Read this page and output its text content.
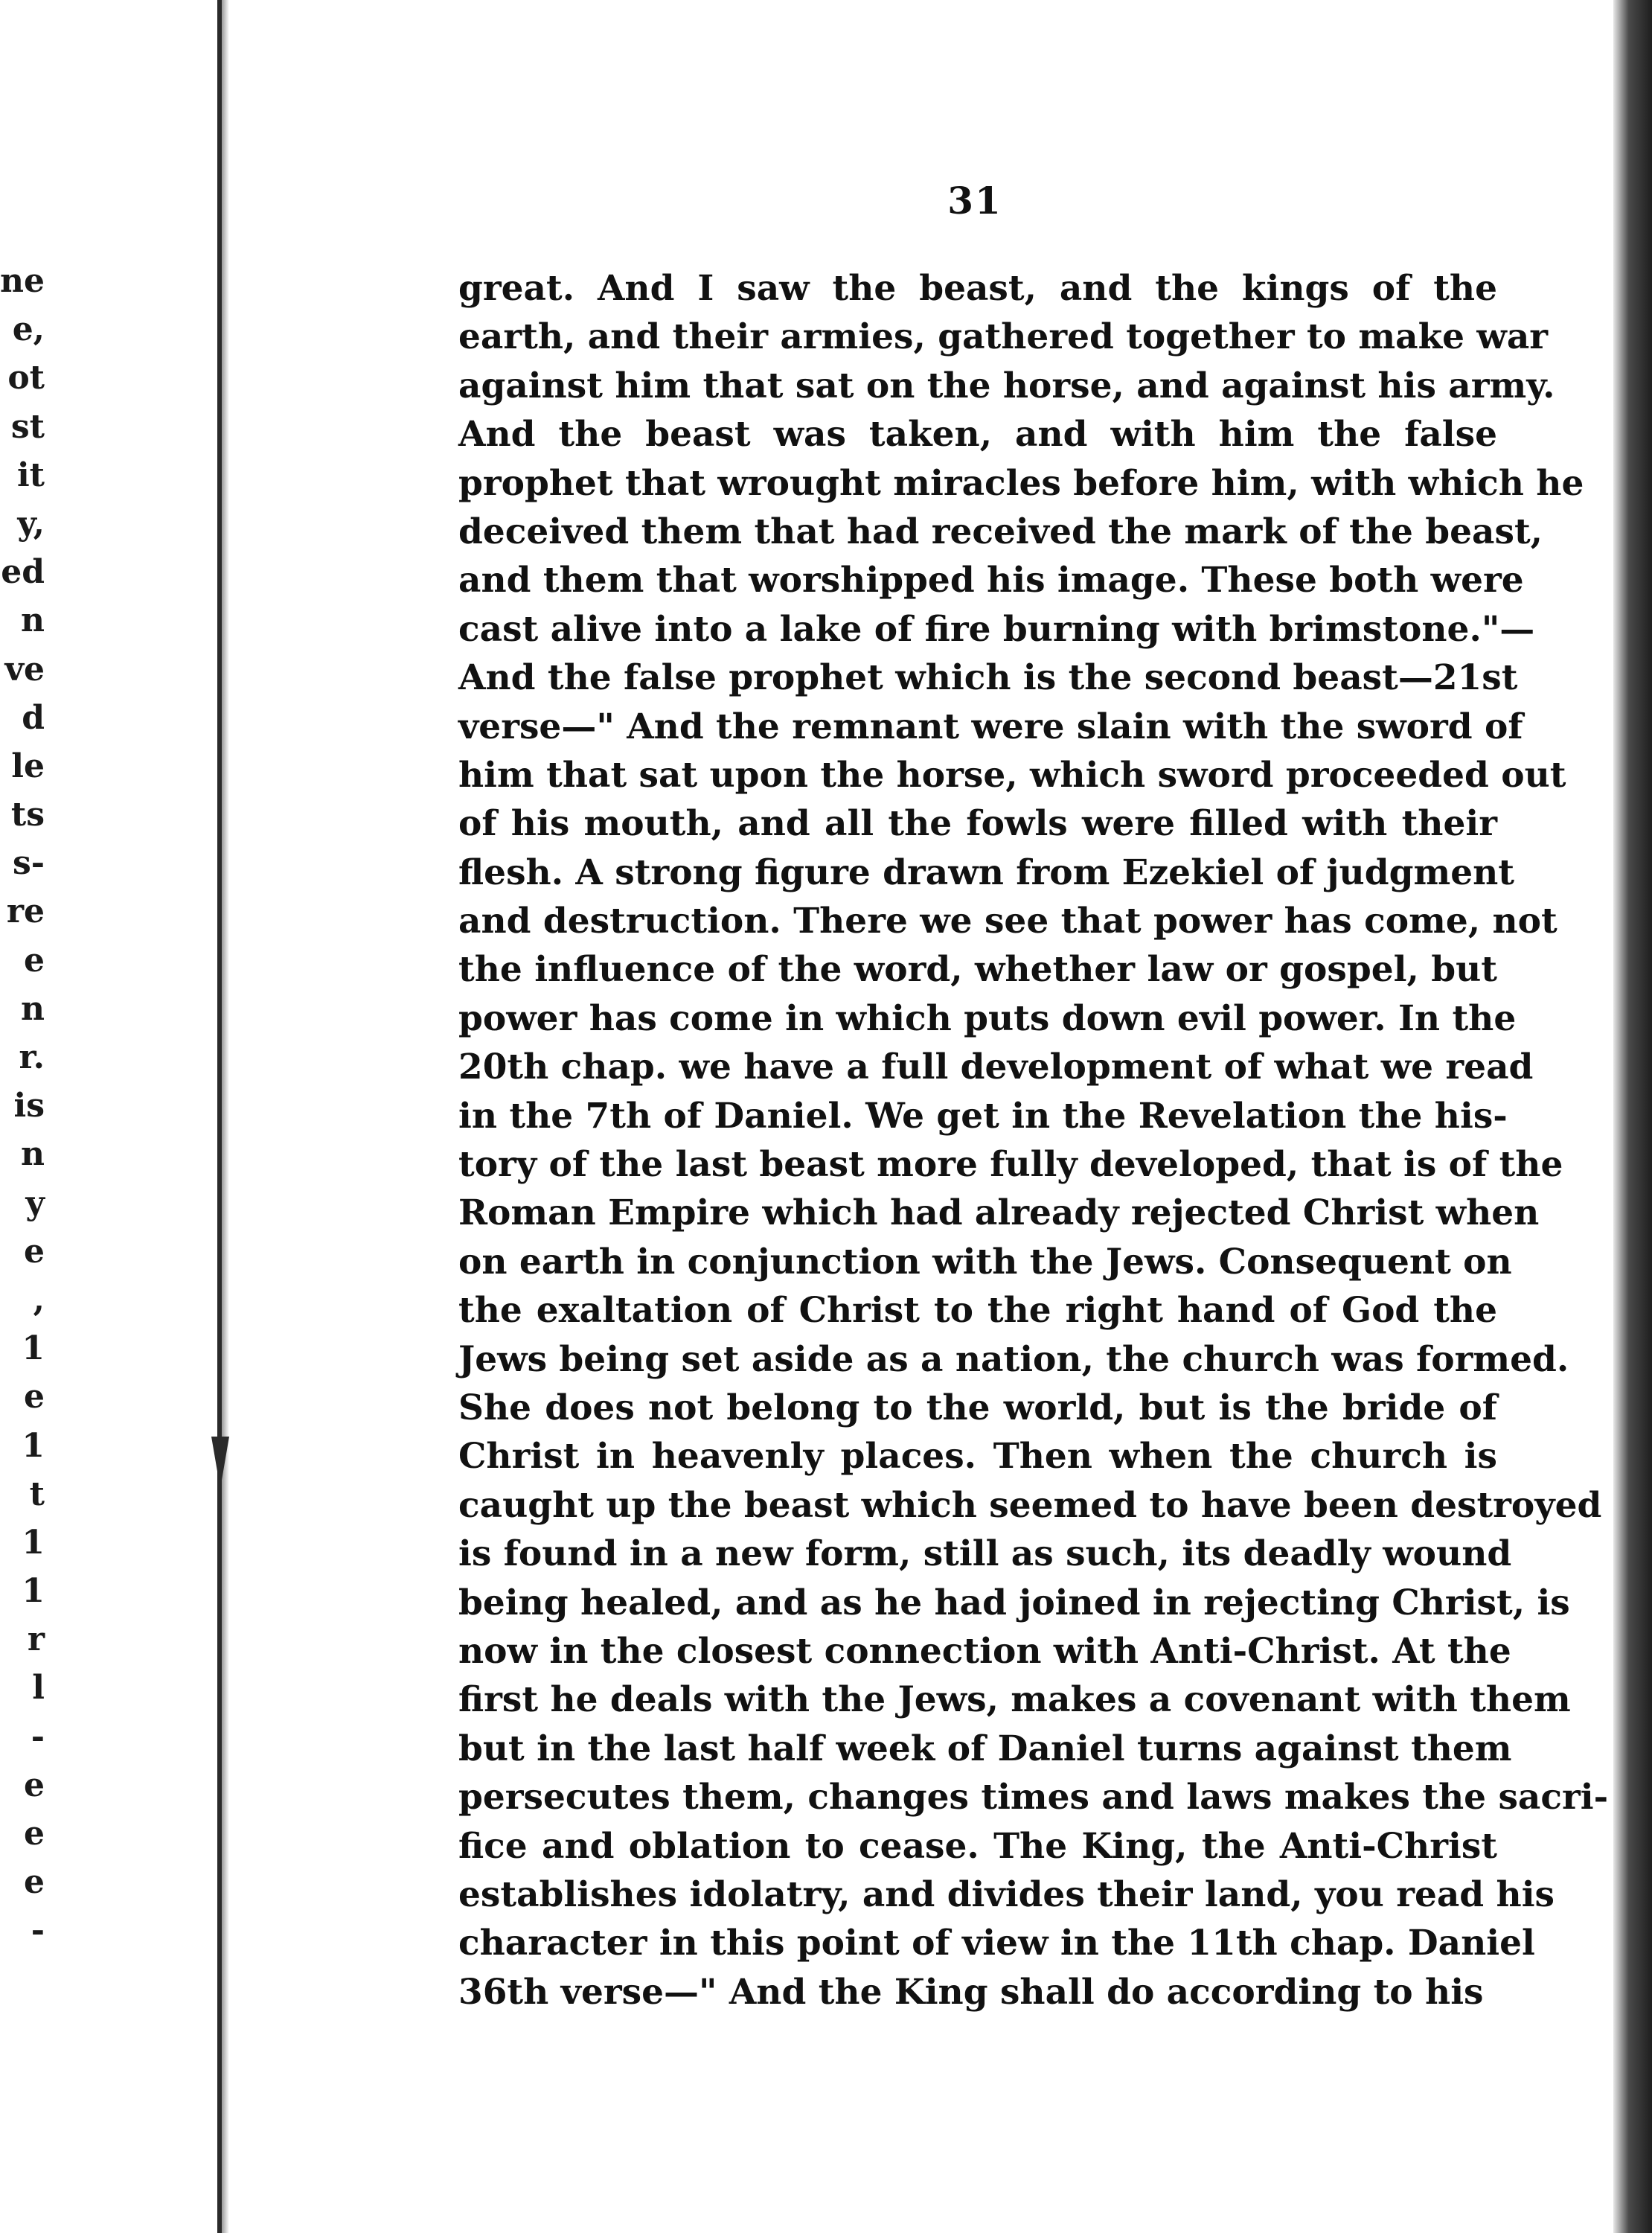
ne
e,
ot
st
it
y,
ed
n
ve
d
le
ts
s-
re
e
n
r.
is
n
y
e
,
1
e
1
t
1
1
r
l
-
e
e
e
-
31
great. And I saw the beast, and the kings of the
earth, and their armies, gathered together to make war
against him that sat on the horse, and against his army.
And the beast was taken, and with him the false
prophet that wrought miracles before him, with which he
deceived them that had received the mark of the beast,
and them that worshipped his image. These both were
cast alive into a lake of fire burning with brimstone."—
And the false prophet which is the second beast—21st
verse—" And the remnant were slain with the sword of
him that sat upon the horse, which sword proceeded out
of his mouth, and all the fowls were filled with their
flesh. A strong figure drawn from Ezekiel of judgment
and destruction. There we see that power has come, not
the influence of the word, whether law or gospel, but
power has come in which puts down evil power. In the
20th chap. we have a full development of what we read
in the 7th of Daniel. We get in the Revelation the his-
tory of the last beast more fully developed, that is of the
Roman Empire which had already rejected Christ when
on earth in conjunction with the Jews. Consequent on
the exaltation of Christ to the right hand of God the
Jews being set aside as a nation, the church was formed.
She does not belong to the world, but is the bride of
Christ in heavenly places. Then when the church is
caught up the beast which seemed to have been destroyed
is found in a new form, still as such, its deadly wound
being healed, and as he had joined in rejecting Christ, is
now in the closest connection with Anti-Christ. At the
first he deals with the Jews, makes a covenant with them
but in the last half week of Daniel turns against them
persecutes them, changes times and laws makes the sacri-
fice and oblation to cease. The King, the Anti-Christ
establishes idolatry, and divides their land, you read his
character in this point of view in the 11th chap. Daniel
36th verse—" And the King shall do according to his
